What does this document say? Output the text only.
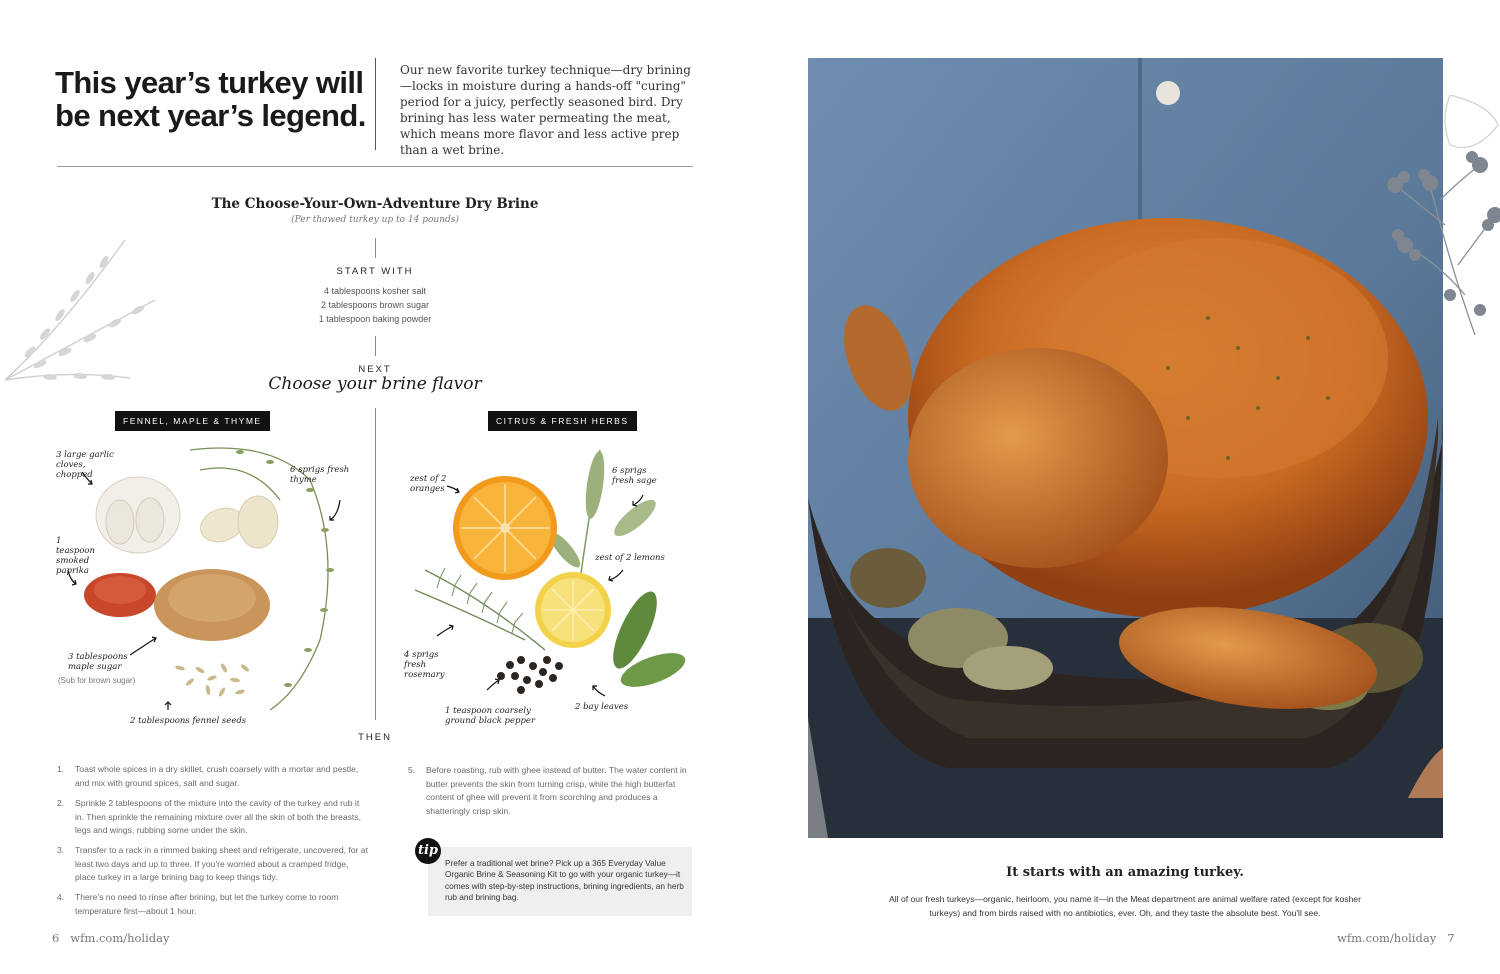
This year’s turkey will
be next year’s legend.
Our new favorite turkey technique—dry brining—locks in moisture during a hands-off "curing" period for a juicy, perfectly seasoned bird. Dry brining has less water permeating the meat, which means more flavor and less active prep than a wet brine.
The Choose-Your-Own-Adventure Dry Brine
(Per thawed turkey up to 14 pounds)
START WITH
4 tablespoons kosher salt
2 tablespoons brown sugar
1 tablespoon baking powder
NEXT
Choose your brine flavor
THEN
FENNEL, MAPLE & THYME	CITRUS & FRESH HERBS
3 large garlic cloves, chopped	6 sprigs fresh thyme
1 teaspoon smoked paprika
3 tablespoons maple sugar
(Sub for brown sugar)
2 tablespoons fennel seeds
zest of 2 oranges
6 sprigs fresh sage
zest of 2 lemons
4 sprigs fresh rosemary
1 teaspoon coarsely ground black pepper
2 bay leaves
1. Toast whole spices in a dry skillet, crush coarsely with a mortar and pestle, and mix with ground spices, salt and sugar.
2. Sprinkle 2 tablespoons of the mixture into the cavity of the turkey and rub it in. Then sprinkle the remaining mixture over all the skin of both the breasts, legs and wings, rubbing some under the skin.
3. Transfer to a rack in a rimmed baking sheet and refrigerate, uncovered, for at least two days and up to three. If you're worried about a cramped fridge, place turkey in a large brining bag to keep things tidy.
4. There's no need to rinse after brining, but let the turkey come to room temperature first—about 1 hour.
5. Before roasting, rub with ghee instead of butter. The water content in butter prevents the skin from turning crisp, while the high butterfat content of ghee will prevent it from scorching and produces a shatteringly crisp skin.
tip
Prefer a traditional wet brine? Pick up a 365 Everyday Value Organic Brine & Seasoning Kit to go with your organic turkey—it comes with step-by-step instructions, brining ingredients, an herb rub and brining bag.
6 wfm.com/holiday
It starts with an amazing turkey.
All of our fresh turkeys—organic, heirloom, you name it—in the Meat department are animal welfare rated (except for kosher turkeys) and from birds raised with no antibiotics, ever. Oh, and they taste the absolute best. You'll see.
wfm.com/holiday 7
